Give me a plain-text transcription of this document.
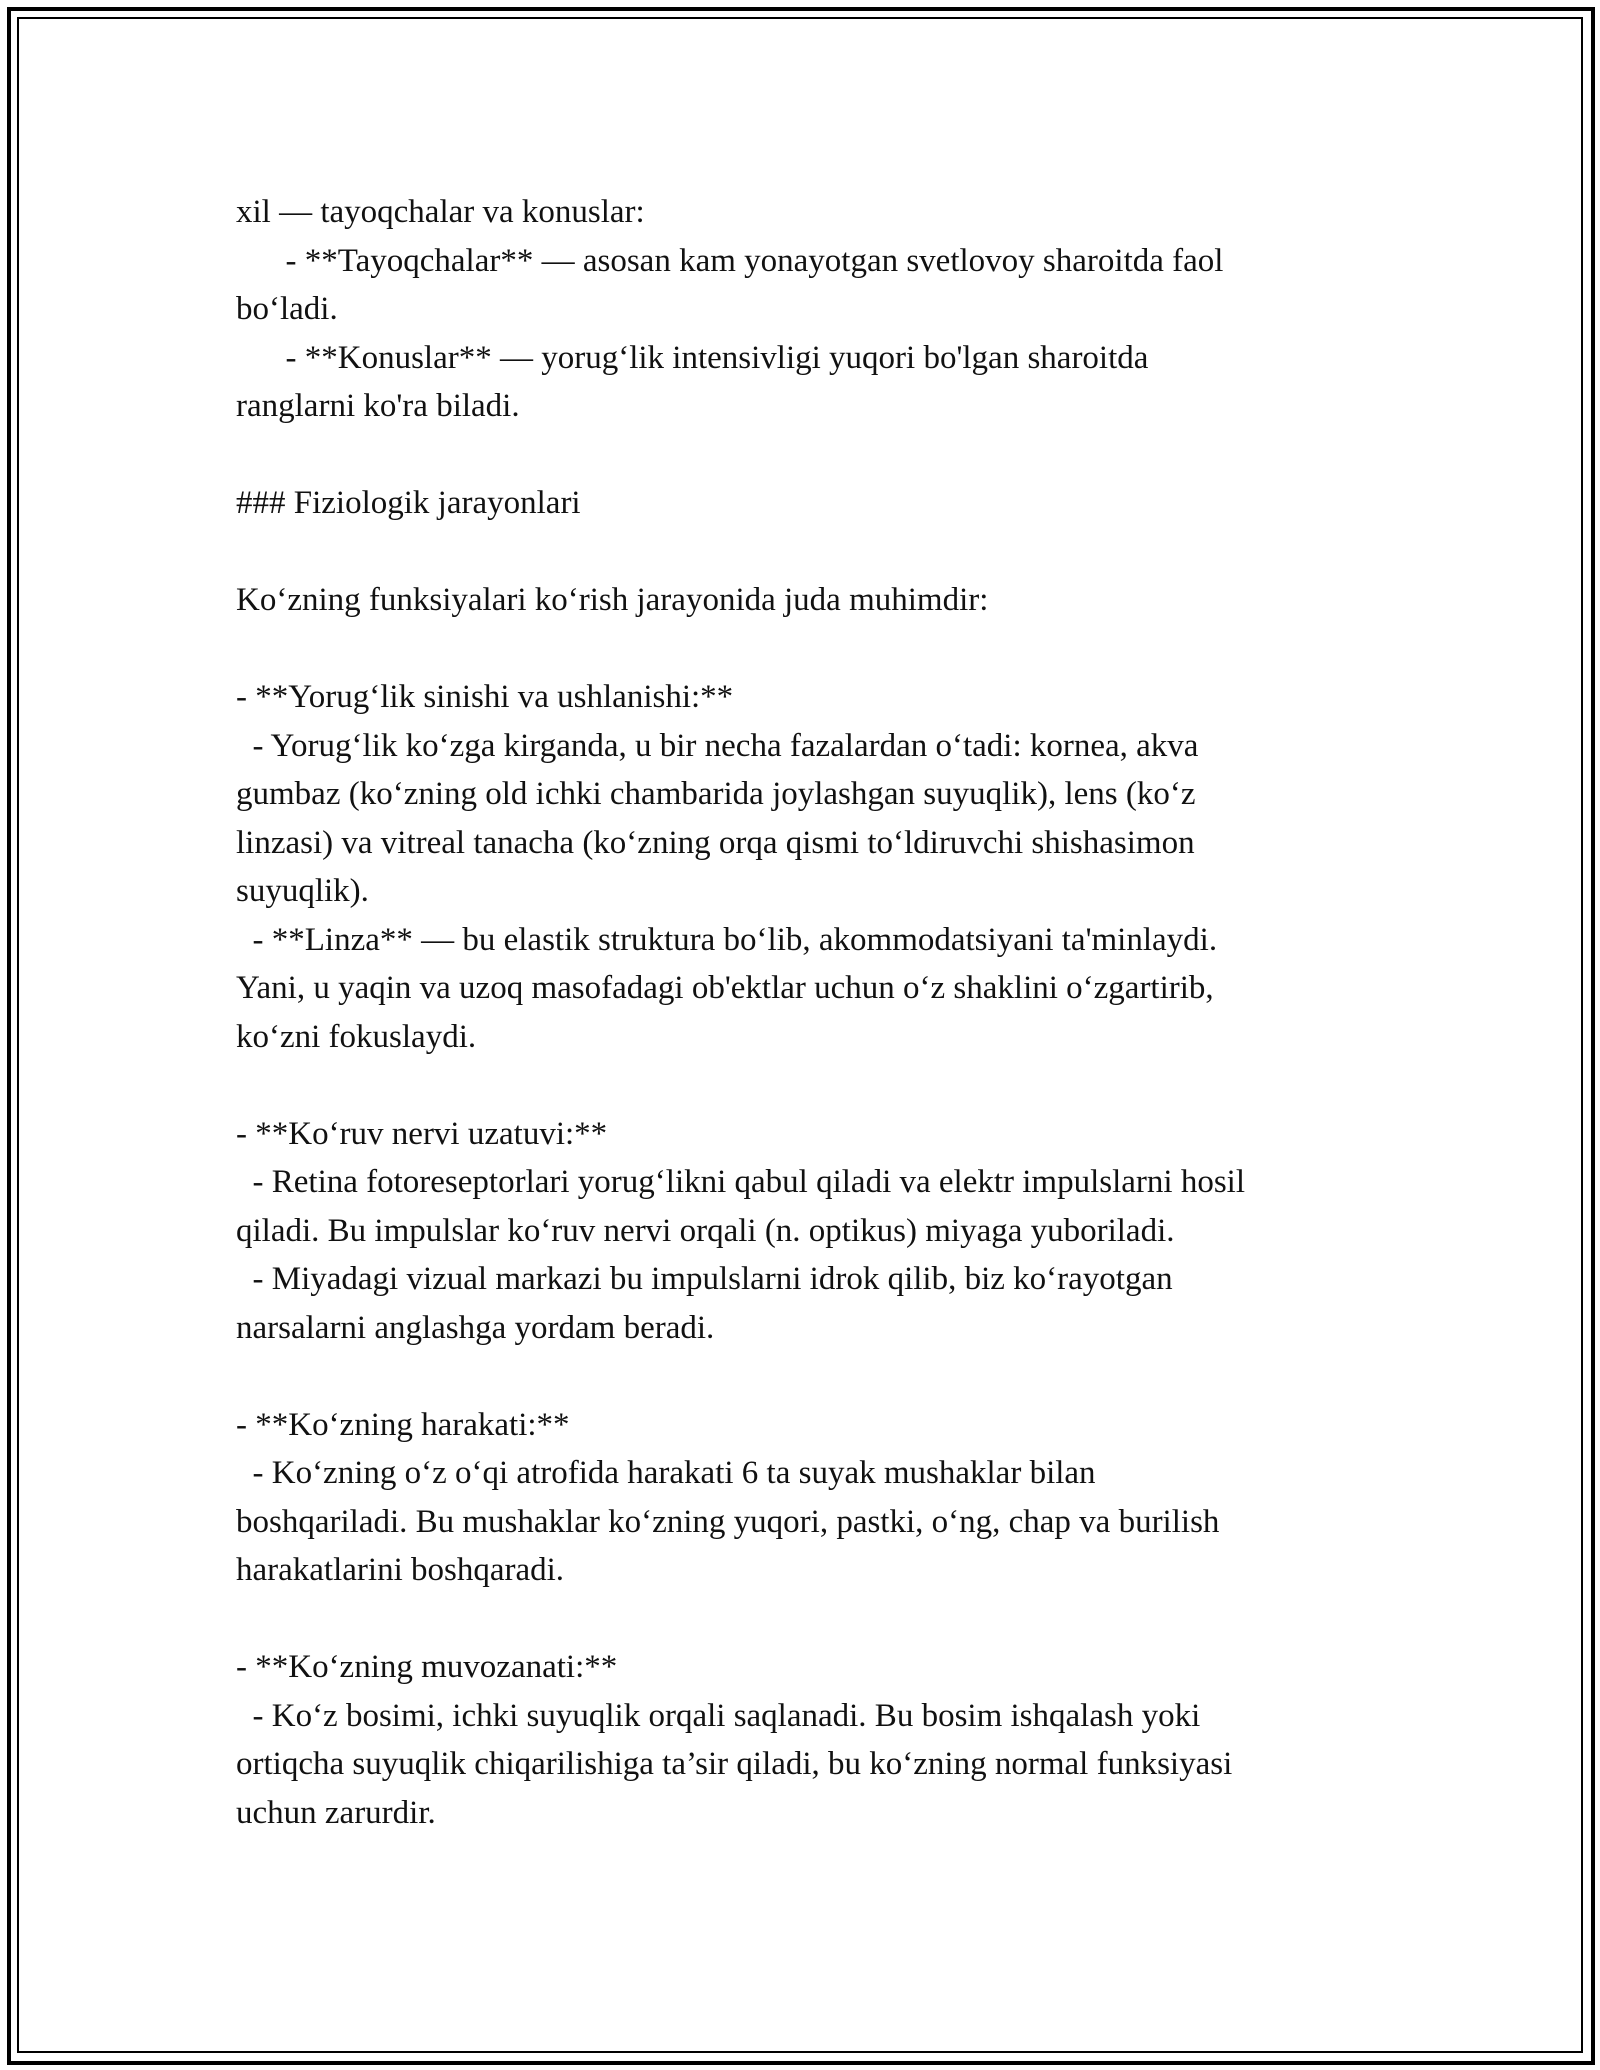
xil — tayoqchalar va konuslar:
- **Tayoqchalar** — asosan kam yonayotgan svetlovoy sharoitda faol
bo‘ladi.
- **Konuslar** — yorug‘lik intensivligi yuqori bo'lgan sharoitda
ranglarni ko'ra biladi.
### Fiziologik jarayonlari
Ko‘zning funksiyalari ko‘rish jarayonida juda muhimdir:
- **Yorug‘lik sinishi va ushlanishi:**
- Yorug‘lik ko‘zga kirganda, u bir necha fazalardan o‘tadi: kornea, akva
gumbaz (ko‘zning old ichki chambarida joylashgan suyuqlik), lens (ko‘z
linzasi) va vitreal tanacha (ko‘zning orqa qismi to‘ldiruvchi shishasimon
suyuqlik).
- **Linza** — bu elastik struktura bo‘lib, akommodatsiyani ta'minlaydi.
Yani, u yaqin va uzoq masofadagi ob'ektlar uchun o‘z shaklini o‘zgartirib,
ko‘zni fokuslaydi.
- **Ko‘ruv nervi uzatuvi:**
- Retina fotoreseptorlari yorug‘likni qabul qiladi va elektr impulslarni hosil
qiladi. Bu impulslar ko‘ruv nervi orqali (n. optikus) miyaga yuboriladi.
- Miyadagi vizual markazi bu impulslarni idrok qilib, biz ko‘rayotgan
narsalarni anglashga yordam beradi.
- **Ko‘zning harakati:**
- Ko‘zning o‘z o‘qi atrofida harakati 6 ta suyak mushaklar bilan
boshqariladi. Bu mushaklar ko‘zning yuqori, pastki, o‘ng, chap va burilish
harakatlarini boshqaradi.
- **Ko‘zning muvozanati:**
- Ko‘z bosimi, ichki suyuqlik orqali saqlanadi. Bu bosim ishqalash yoki
ortiqcha suyuqlik chiqarilishiga ta’sir qiladi, bu ko‘zning normal funksiyasi
uchun zarurdir.
